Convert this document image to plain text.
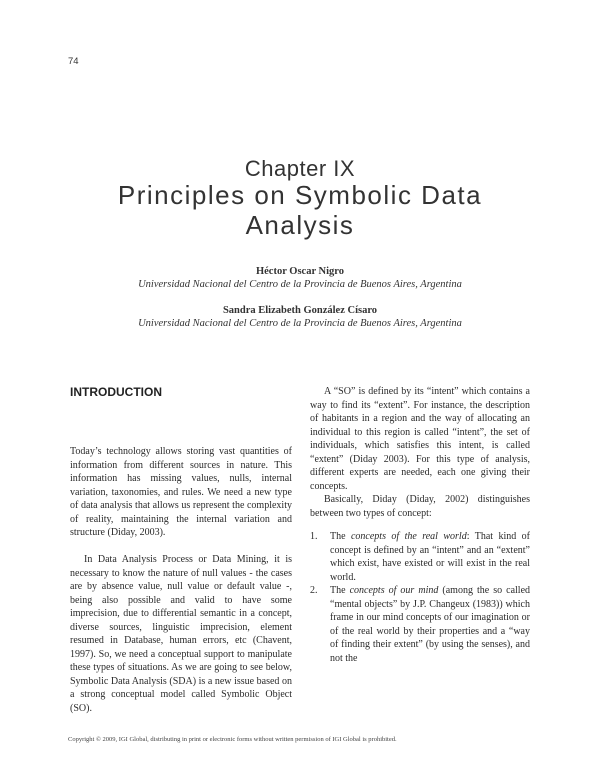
74
Chapter IX
Principles on Symbolic Data
Analysis
Héctor Oscar Nigro
Universidad Nacional del Centro de la Provincia de Buenos Aires, Argentina
Sandra Elizabeth González Císaro
Universidad Nacional del Centro de la Provincia de Buenos Aires, Argentina
INTRODUCTION

Today’s technology allows storing vast quantities of information from different sources in nature. This information has missing values, nulls, internal variation, taxonomies, and rules. We need a new type of data analysis that allows us represent the complexity of reality, maintaining the internal variation and structure (Diday, 2003).

In Data Analysis Process or Data Mining, it is necessary to know the nature of null values - the cases are by absence value, null value or default value -, being also possible and valid to have some imprecision, due to differential semantic in a concept, diverse sources, linguistic imprecision, element resumed in Database, human errors, etc (Chavent, 1997). So, we need a conceptual support to manipulate these types of situations. As we are going to see below, Symbolic Data Analysis (SDA) is a new issue based on a strong conceptual model called Symbolic Object (SO).

A “SO” is defined by its “intent” which contains a way to find its “extent”. For instance, the description of habitants in a region and the way of allocating an individual to this region is called “intent”, the set of individuals, which satisfies this intent, is called “extent” (Diday 2003). For this type of analysis, different experts are needed, each one giving their concepts.

Basically, Diday (Diday, 2002) distinguishes between two types of concept:

1. The concepts of the real world: That kind of concept is defined by an “intent” and an “extent” which exist, have existed or will exist in the real world.
2. The concepts of our mind (among the so called “mental objects” by J.P. Changeux (1983)) which frame in our mind concepts of our imagination or of the real world by their properties and a “way of finding their extent” (by using the senses), and not the
Copyright © 2009, IGI Global, distributing in print or electronic forms without written permission of IGI Global is prohibited.
